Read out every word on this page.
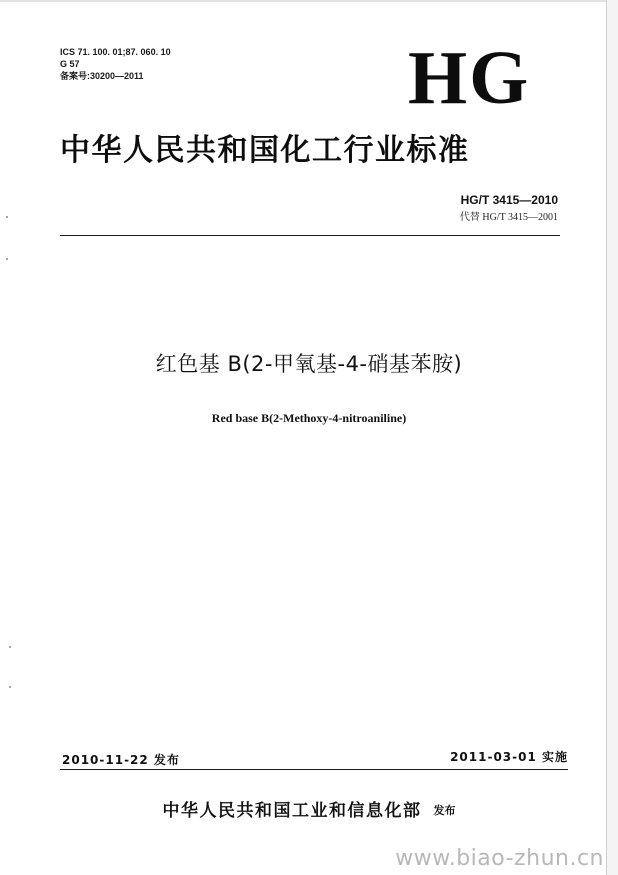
ICS 71. 100. 01;87. 060. 10
G 57
备案号:30200—2011	HG
中华人民共和国化工行业标准
HG/T 3415—2010
代替 HG/T 3415—2001
红色基 B(2-甲氧基-4-硝基苯胺)
Red base B(2-Methoxy-4-nitroaniline)
2010-11-22 发布	2011-03-01 实施
中华人民共和国工业和信息化部 $^{发布}$
www.biao-zhun.cn
